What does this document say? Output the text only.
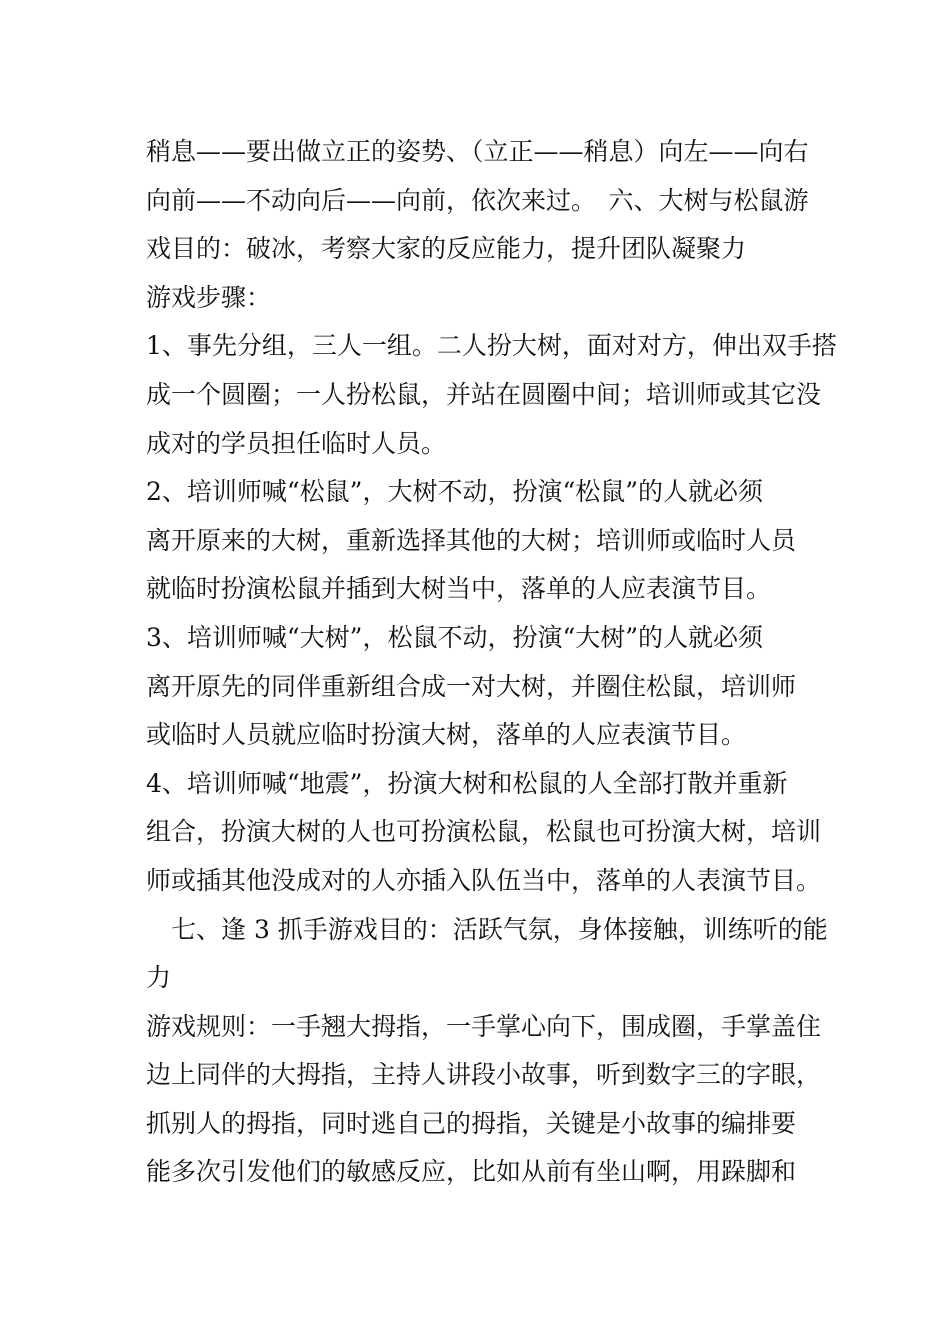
稍息——要出做立正的姿势、（立正——稍息）向左——向右
向前——不动向后——向前，依次来过。　六、大树与松鼠游
戏目的：破冰，考察大家的反应能力，提升团队凝聚力
游戏步骤：
1、事先分组，三人一组。二人扮大树，面对对方，伸出双手搭
成一个圆圈；一人扮松鼠，并站在圆圈中间；培训师或其它没
成对的学员担任临时人员。
2、培训师喊“松鼠”，大树不动，扮演“松鼠”的人就必须
离开原来的大树，重新选择其他的大树；培训师或临时人员
就临时扮演松鼠并插到大树当中，落单的人应表演节目。
3、培训师喊“大树”，松鼠不动，扮演“大树”的人就必须
离开原先的同伴重新组合成一对大树，并圈住松鼠，培训师
或临时人员就应临时扮演大树，落单的人应表演节目。
4、培训师喊“地震”，扮演大树和松鼠的人全部打散并重新
组合，扮演大树的人也可扮演松鼠，松鼠也可扮演大树，培训
师或插其他没成对的人亦插入队伍当中，落单的人表演节目。
　七、逢 3 抓手游戏目的：活跃气氛，身体接触，训练听的能
力
游戏规则：一手翘大拇指，一手掌心向下，围成圈，手掌盖住
边上同伴的大拇指，主持人讲段小故事，听到数字三的字眼，
抓别人的拇指，同时逃自己的拇指，关键是小故事的编排要
能多次引发他们的敏感反应，比如从前有坐山啊，用跺脚和
